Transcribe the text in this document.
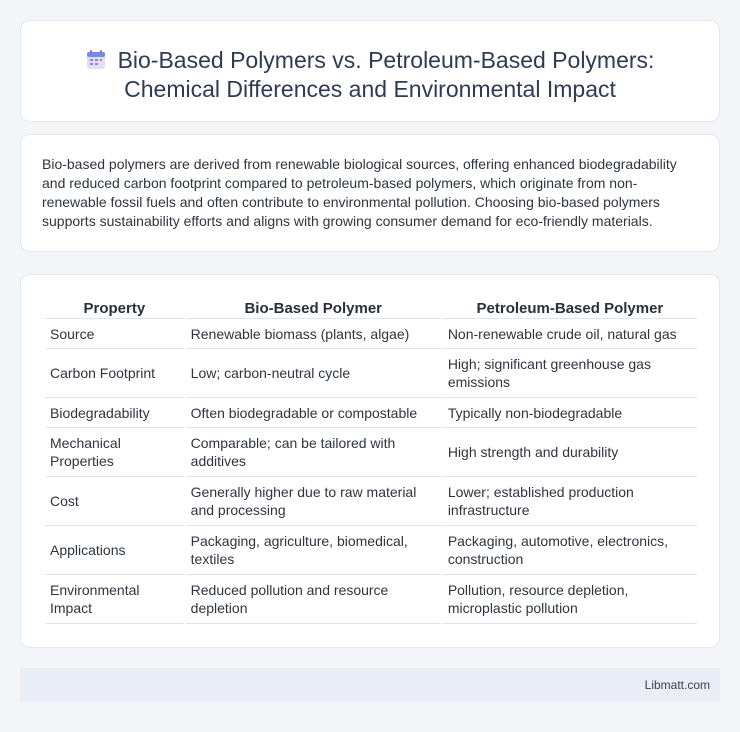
Bio-Based Polymers vs. Petroleum-Based Polymers: Chemical Differences and Environmental Impact

Bio-based polymers are derived from renewable biological sources, offering enhanced biodegradability and reduced carbon footprint compared to petroleum-based polymers, which originate from non-renewable fossil fuels and often contribute to environmental pollution. Choosing bio-based polymers supports sustainability efforts and aligns with growing consumer demand for eco-friendly materials.

Property	Bio-Based Polymer	Petroleum-Based Polymer
Source	Renewable biomass (plants, algae)	Non-renewable crude oil, natural gas
Carbon Footprint	Low; carbon-neutral cycle	High; significant greenhouse gas emissions
Biodegradability	Often biodegradable or compostable	Typically non-biodegradable
Mechanical Properties	Comparable; can be tailored with additives	High strength and durability
Cost	Generally higher due to raw material and processing	Lower; established production infrastructure
Applications	Packaging, agriculture, biomedical, textiles	Packaging, automotive, electronics, construction
Environmental Impact	Reduced pollution and resource depletion	Pollution, resource depletion, microplastic pollution
Libmatt.com
